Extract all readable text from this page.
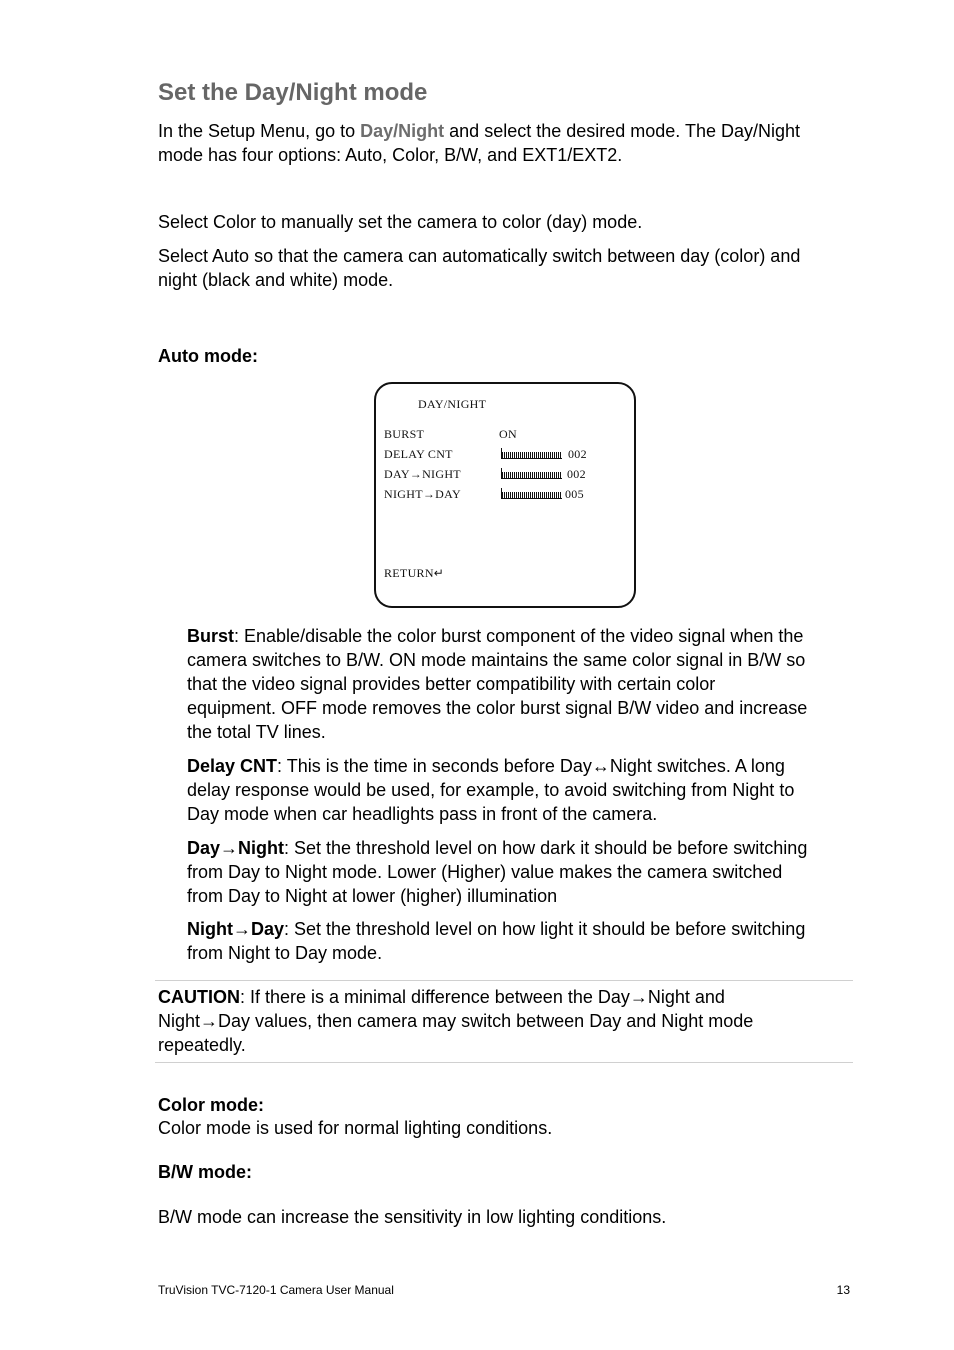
Set the Day/Night mode
In the Setup Menu, go to Day/Night and select the desired mode. The Day/Night
mode has four options: Auto, Color, B/W, and EXT1/EXT2.
Select Color to manually set the camera to color (day) mode.
Select Auto so that the camera can automatically switch between day (color) and
night (black and white) mode.
Auto mode:
DAY/NIGHT
BURST	ON
DELAY CNT	002
DAY→NIGHT	002
NIGHT→DAY	005
RETURN↵
Burst: Enable/disable the color burst component of the video signal when the
camera switches to B/W. ON mode maintains the same color signal in B/W so
that the video signal provides better compatibility with certain color
equipment. OFF mode removes the color burst signal B/W video and increase
the total TV lines.
Delay CNT: This is the time in seconds before Day↔Night switches. A long
delay response would be used, for example, to avoid switching from Night to
Day mode when car headlights pass in front of the camera.
Day→Night: Set the threshold level on how dark it should be before switching
from Day to Night mode. Lower (Higher) value makes the camera switched
from Day to Night at lower (higher) illumination
Night→Day: Set the threshold level on how light it should be before switching
from Night to Day mode.
CAUTION: If there is a minimal difference between the Day→Night and
Night→Day values, then camera may switch between Day and Night mode
repeatedly.
Color mode:
Color mode is used for normal lighting conditions.
B/W mode:
B/W mode can increase the sensitivity in low lighting conditions.
TruVision TVC-7120-1 Camera User Manual	13
